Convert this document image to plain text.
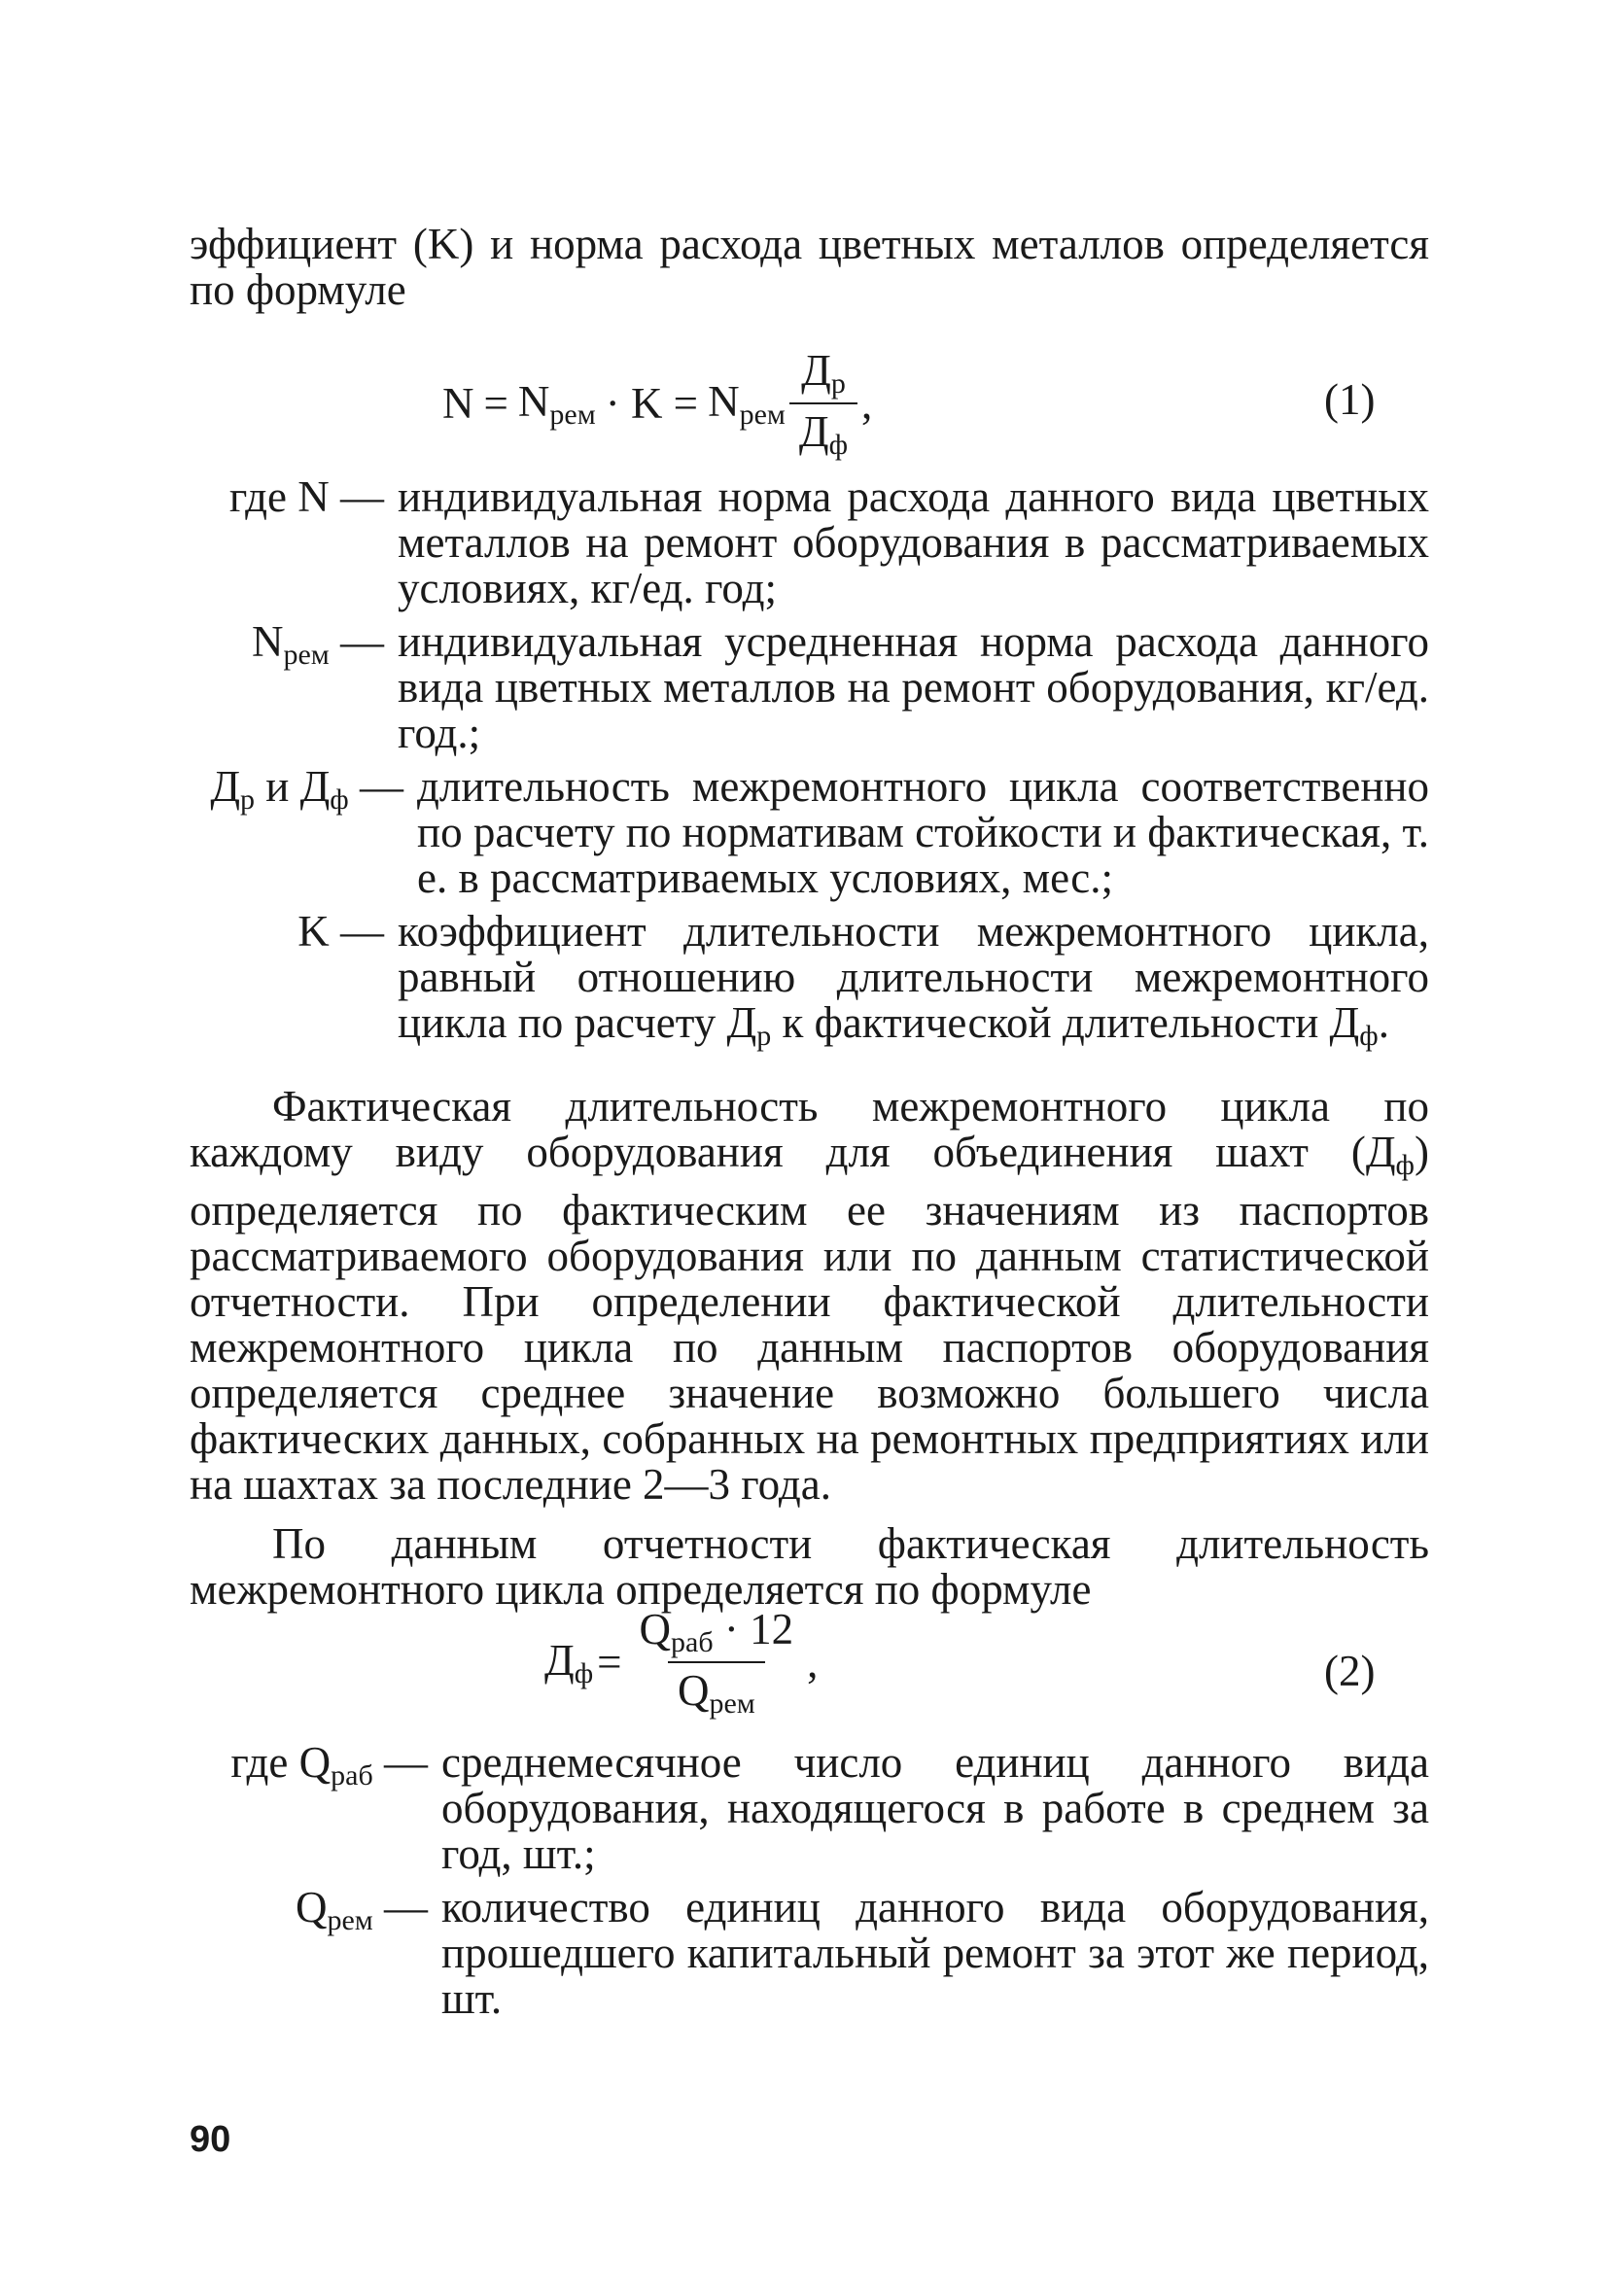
эффициент (K) и норма расхода цветных металлов определяется по формуле

$N = N_{рем} \cdot K = N_{рем} \frac{Д_р}{Д_ф}$ ,	(1)
где N — индивидуальная норма расхода данного вида цветных металлов на ремонт оборудования в рассматриваемых условиях, кг/ед. год;
$N_{рем}$ — индивидуальная усредненная норма расхода данного вида цветных металлов на ремонт оборудования, кг/ед. год.;
$Д_р$ и $Д_ф$ — длительность межремонтного цикла соответственно по расчету по нормативам стойкости и фактическая, т. е. в рассматриваемых условиях, мес.;
K — коэффициент длительности межремонтного цикла, равный отношению длительности межремонтного цикла по расчету $Д_р$ к фактической длительности $Д_ф$.

Фактическая длительность межремонтного цикла по каждому виду оборудования для объединения шахт $(Д_ф)$ определяется по фактическим ее значениям из паспортов рассматриваемого оборудования или по данным статистической отчетности. При определении фактической длительности межремонтного цикла по данным паспортов оборудования определяется среднее значение возможно большего числа фактических данных, собранных на ремонтных предприятиях или на шахтах за последние 2—3 года.

По данным отчетности фактическая длительность межремонтного цикла определяется по формуле

$Д_ф = \frac{Q_{раб} \cdot 12}{Q_{рем}}$ ,	(2)
где $Q_{раб}$ — среднемесячное число единиц данного вида оборудования, находящегося в работе в среднем за год, шт.;
$Q_{рем}$ — количество единиц данного вида оборудования, прошедшего капитальный ремонт за этот же период, шт.
90
